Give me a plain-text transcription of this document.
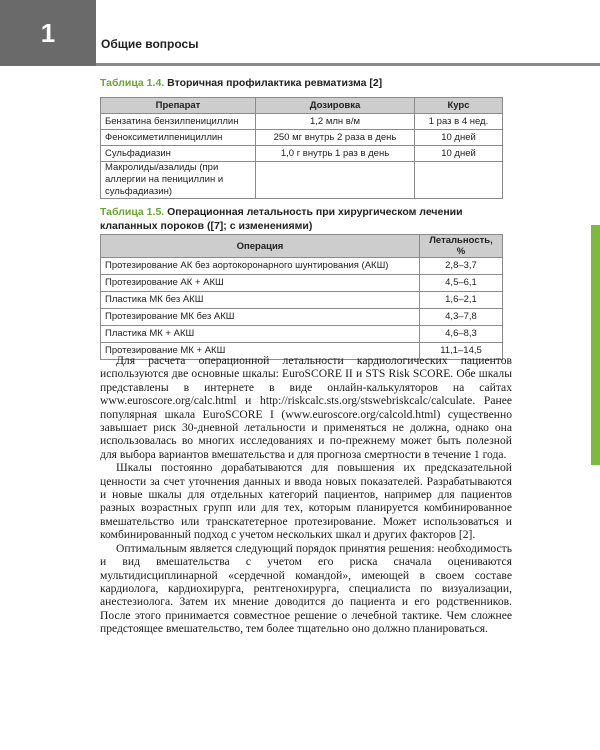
1	Общие вопросы
Таблица 1.4. Вторичная профилактика ревматизма [2]
Препарат	Дозировка	Курс
Бензатина бензилпенициллин	1,2 млн в/м	1 раз в 4 нед.
Феноксиметилпенициллин	250 мг внутрь 2 раза в день	10 дней
Сульфадиазин	1,0 г внутрь 1 раз в день	10 дней
Макролиды/азалиды (при аллергии на пенициллин и сульфадиазин)		
Таблица 1.5. Операционная летальность при хирургическом лечении клапанных пороков ([7]; с изменениями)
Операция	Летальность, %
Протезирование АК без аортокоронарного шунтирования (АКШ)	2,8–3,7
Протезирование АК + АКШ	4,5–6,1
Пластика МК без АКШ	1,6–2,1
Протезирование МК без АКШ	4,3–7,8
Пластика МК + АКШ	4,6–8,3
Протезирование МК + АКШ	11,1–14,5

Для расчета операционной летальности кардиологических пациентов используются две основные шкалы: EuroSCORE II и STS Risk SCORE. Обе шкалы представлены в интернете в виде онлайн-калькуляторов на сайтах www.euroscore.org/calc.html и http://riskcalc.sts.org/stswebriskcalc/calculate. Ранее популярная шкала EuroSCORE I (www.euroscore.org/calcold.html) существенно завышает риск 30-дневной летальности и применяться не должна, однако она использовалась во многих исследованиях и по-прежнему может быть полезной для выбора вариантов вмешательства и для прогноза смертности в течение 1 года.

Шкалы постоянно дорабатываются для повышения их предсказательной ценности за счет уточнения данных и ввода новых показателей. Разрабатываются и новые шкалы для отдельных категорий пациентов, например для пациентов разных возрастных групп или для тех, которым планируется комбинированное вмешательство или транскатетерное протезирование. Может использоваться и комбинированный подход с учетом нескольких шкал и других факторов [2].

Оптимальным является следующий порядок принятия решения: необходимость и вид вмешательства с учетом его риска сначала оцениваются мультидисциплинарной «сердечной командой», имеющей в своем составе кардиолога, кардиохирурга, рентгенохирурга, специалиста по визуализации, анестезиолога. Затем их мнение доводится до пациента и его родственников. После этого принимается совместное решение о лечебной тактике. Чем сложнее предстоящее вмешательство, тем более тщательно оно должно планироваться.
